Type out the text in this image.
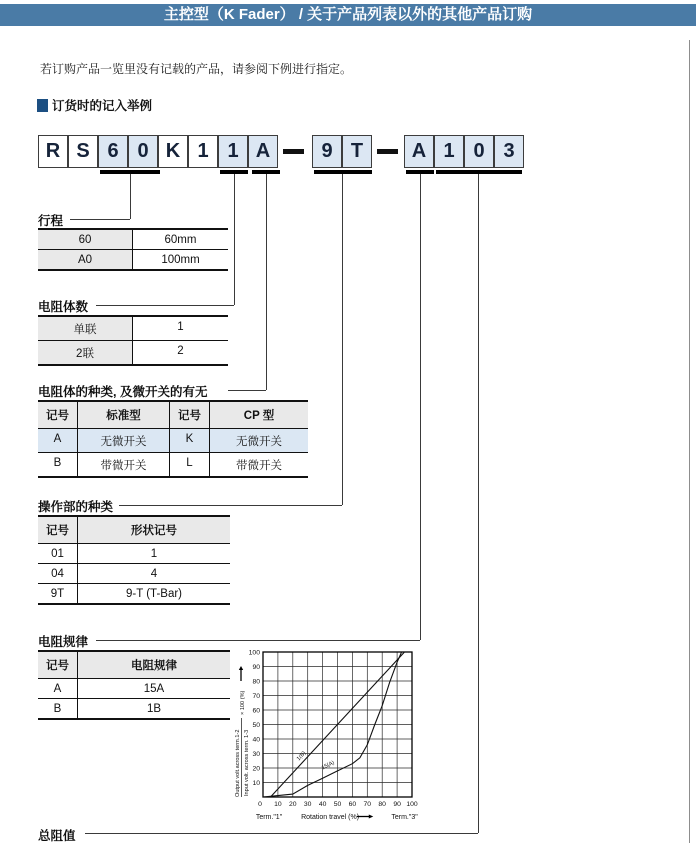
主控型（K Fader） / 关于产品列表以外的其他产品订购
若订购产品一览里没有记载的产品，请参阅下例进行指定。
订货时的记入举例
R S 6 0 K 1 1 A	9 T	A 1 0 3
行程
60	60mm
A0	100mm
电阻体数
单联	1
2联	2
电阻体的种类, 及微开关的有无
记号	标准型	记号	CP 型
A	无微开关	K	无微开关
B	带微开关	L	带微开关
操作部的种类
记号	形状记号
01	1
04	4
9T	9-T (T-Bar)
电阻规律
记号	电阻规律
A	15A
B	1B
10
20
30
40
50
60
70
80
90
100
0 10 20 30 40 50 60 70 80 90 100
1(B)
15(A)
Term."1"	Rotation travel (%)	Term."3"
Output volt.across term.1-2 Input volt. across term. 1-3
× 100 (%)
总阻值
